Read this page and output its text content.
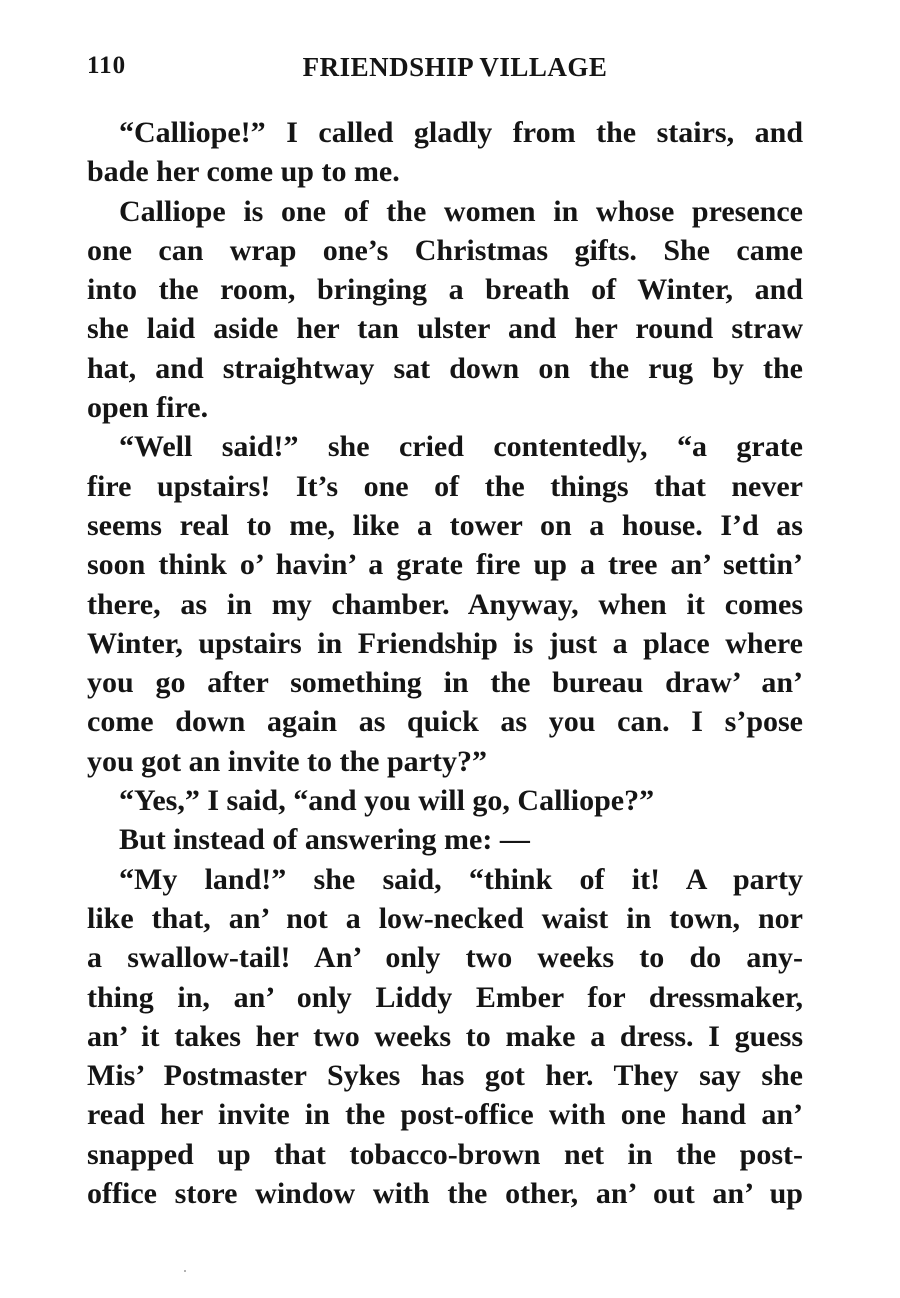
110	FRIENDSHIP VILLAGE
“Calliope!” I called gladly from the stairs, and
bade her come up to me.
Calliope is one of the women in whose presence
one can wrap one’s Christmas gifts. She came
into the room, bringing a breath of Winter, and
she laid aside her tan ulster and her round straw
hat, and straightway sat down on the rug by the
open fire.
“Well said!” she cried contentedly, “a grate
fire upstairs! It’s one of the things that never
seems real to me, like a tower on a house. I’d as
soon think o’ havin’ a grate fire up a tree an’ settin’
there, as in my chamber. Anyway, when it comes
Winter, upstairs in Friendship is just a place where
you go after something in the bureau draw’ an’
come down again as quick as you can. I s’pose
you got an invite to the party?”
“Yes,” I said, “and you will go, Calliope?”
But instead of answering me: —
“My land!” she said, “think of it! A party
like that, an’ not a low-necked waist in town, nor
a swallow-tail! An’ only two weeks to do any-
thing in, an’ only Liddy Ember for dressmaker,
an’ it takes her two weeks to make a dress. I guess
Mis’ Postmaster Sykes has got her. They say she
read her invite in the post-office with one hand an’
snapped up that tobacco-brown net in the post-
office store window with the other, an’ out an’ up
